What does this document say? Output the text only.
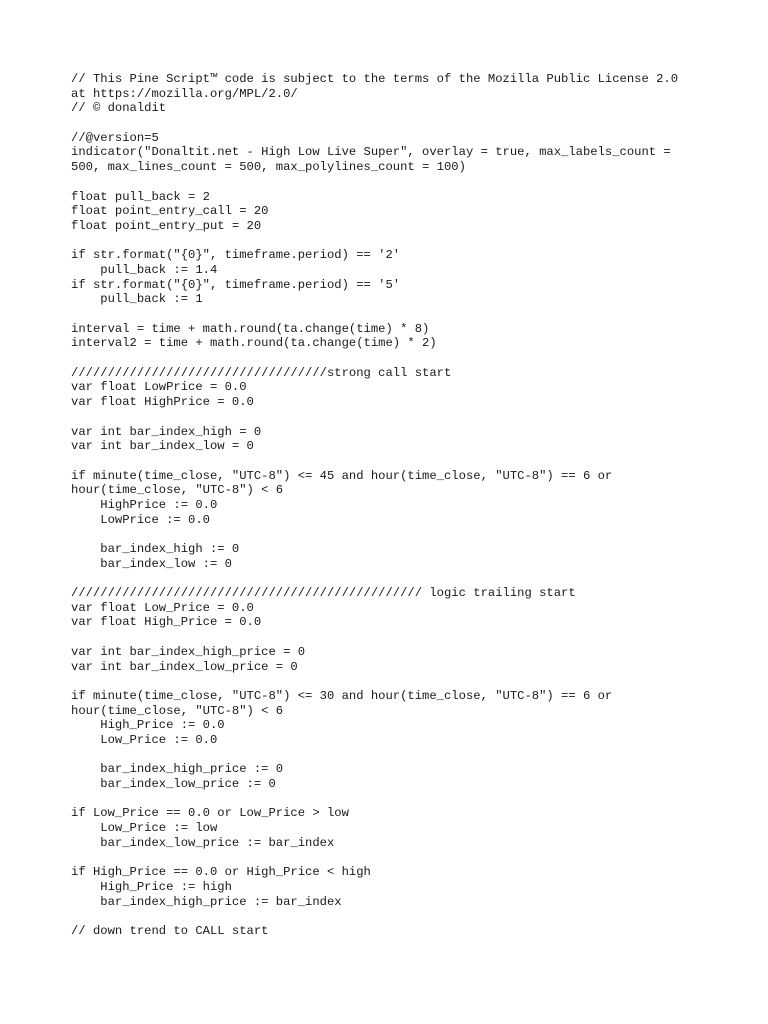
// This Pine Script™ code is subject to the terms of the Mozilla Public License 2.0
at https://mozilla.org/MPL/2.0/
// © donaldit
//@version=5
indicator("Donaltit.net - High Low Live Super", overlay = true, max_labels_count =
500, max_lines_count = 500, max_polylines_count = 100)
float pull_back = 2
float point_entry_call = 20
float point_entry_put = 20
if str.format("{0}", timeframe.period) == '2'
pull_back := 1.4
if str.format("{0}", timeframe.period) == '5'
pull_back := 1
interval = time + math.round(ta.change(time) * 8)
interval2 = time + math.round(ta.change(time) * 2)
///////////////////////////////////strong call start
var float LowPrice = 0.0
var float HighPrice = 0.0
var int bar_index_high = 0
var int bar_index_low = 0
if minute(time_close, "UTC-8") <= 45 and hour(time_close, "UTC-8") == 6 or
hour(time_close, "UTC-8") < 6
HighPrice := 0.0
LowPrice := 0.0
bar_index_high := 0
bar_index_low := 0
//////////////////////////////////////////////// logic trailing start
var float Low_Price = 0.0
var float High_Price = 0.0
var int bar_index_high_price = 0
var int bar_index_low_price = 0
if minute(time_close, "UTC-8") <= 30 and hour(time_close, "UTC-8") == 6 or
hour(time_close, "UTC-8") < 6
High_Price := 0.0
Low_Price := 0.0
bar_index_high_price := 0
bar_index_low_price := 0
if Low_Price == 0.0 or Low_Price > low
Low_Price := low
bar_index_low_price := bar_index
if High_Price == 0.0 or High_Price < high
High_Price := high
bar_index_high_price := bar_index
// down trend to CALL start
